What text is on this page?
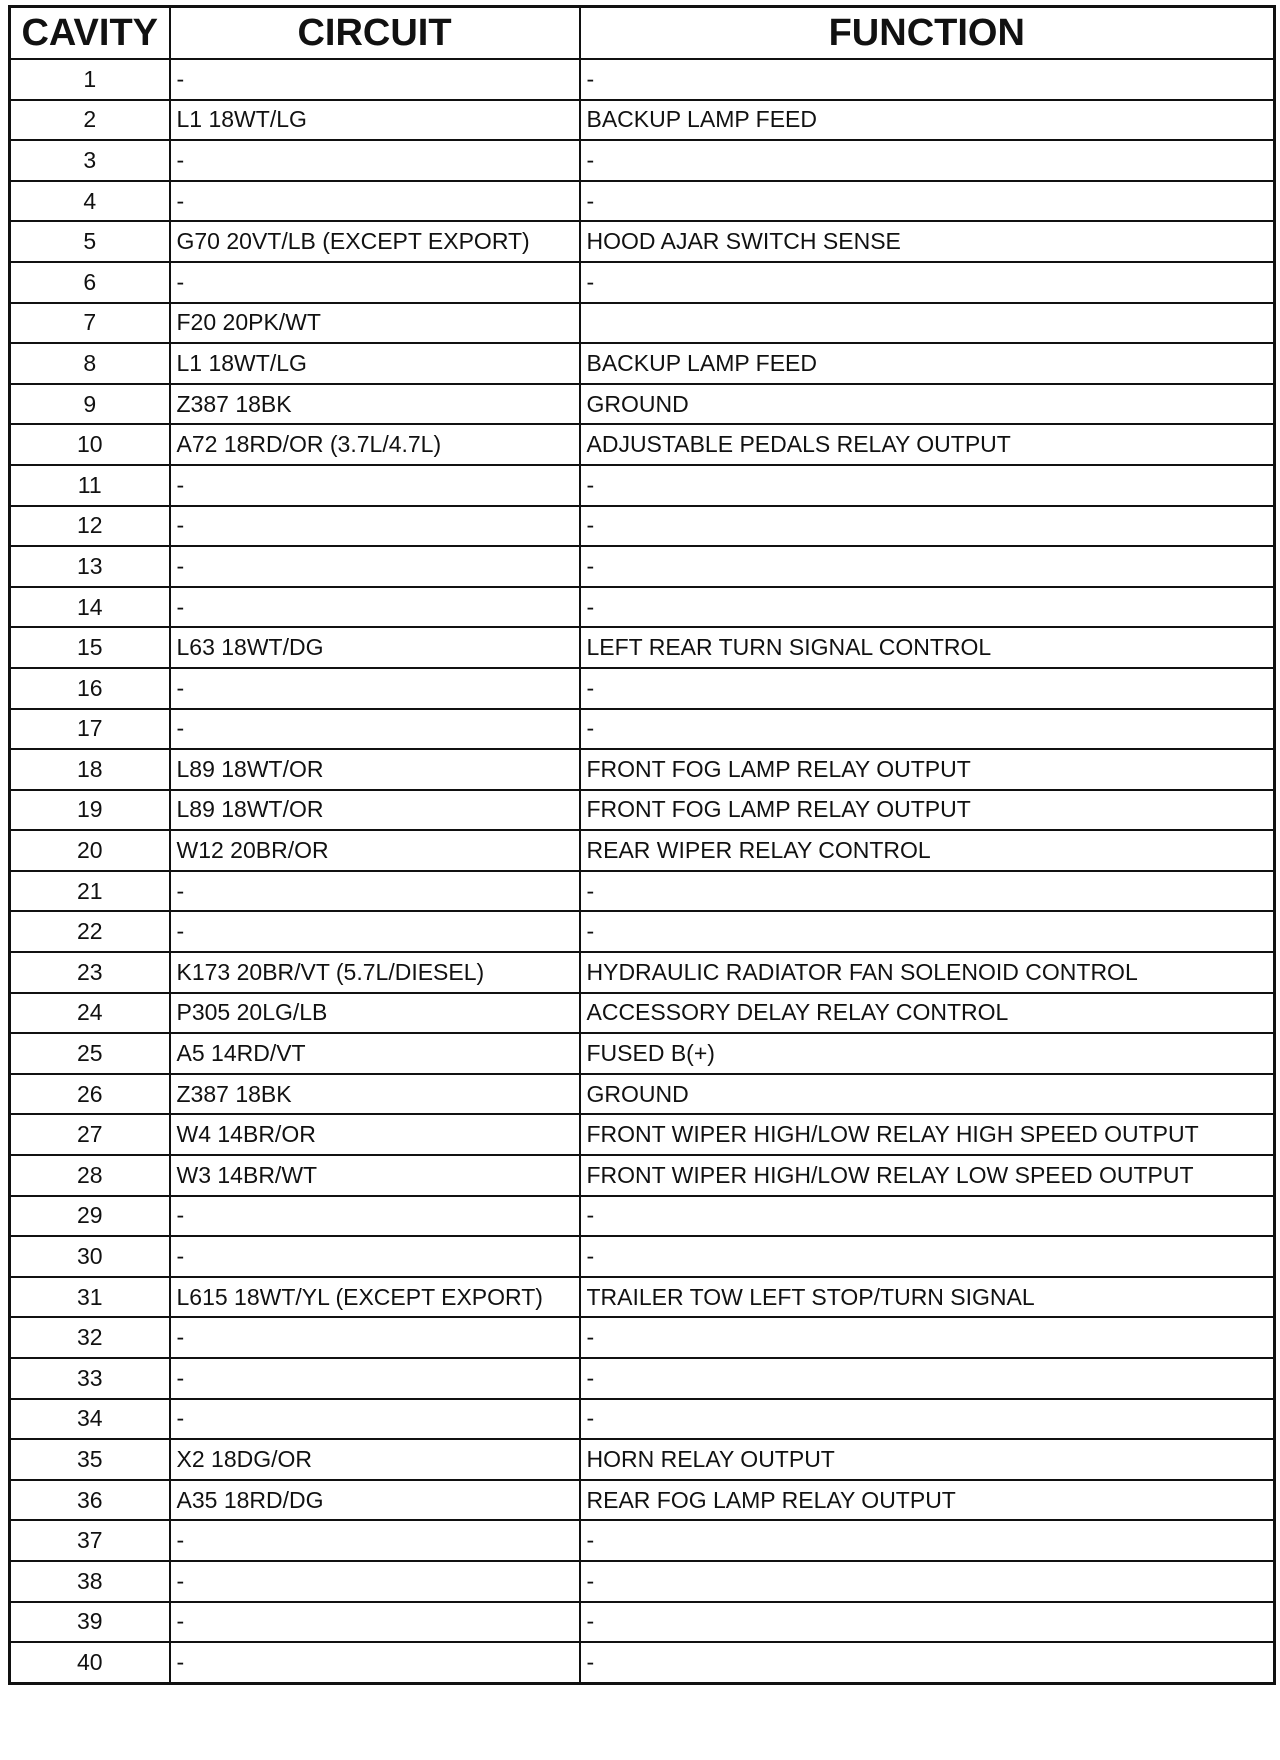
CAVITY	CIRCUIT	FUNCTION
1	-	-
2	L1 18WT/LG	BACKUP LAMP FEED
3	-	-
4	-	-
5	G70 20VT/LB (EXCEPT EXPORT)	HOOD AJAR SWITCH SENSE
6	-	-
7	F20 20PK/WT	
8	L1 18WT/LG	BACKUP LAMP FEED
9	Z387 18BK	GROUND
10	A72 18RD/OR (3.7L/4.7L)	ADJUSTABLE PEDALS RELAY OUTPUT
11	-	-
12	-	-
13	-	-
14	-	-
15	L63 18WT/DG	LEFT REAR TURN SIGNAL CONTROL
16	-	-
17	-	-
18	L89 18WT/OR	FRONT FOG LAMP RELAY OUTPUT
19	L89 18WT/OR	FRONT FOG LAMP RELAY OUTPUT
20	W12 20BR/OR	REAR WIPER RELAY CONTROL
21	-	-
22	-	-
23	K173 20BR/VT (5.7L/DIESEL)	HYDRAULIC RADIATOR FAN SOLENOID CONTROL
24	P305 20LG/LB	ACCESSORY DELAY RELAY CONTROL
25	A5 14RD/VT	FUSED B(+)
26	Z387 18BK	GROUND
27	W4 14BR/OR	FRONT WIPER HIGH/LOW RELAY HIGH SPEED OUTPUT
28	W3 14BR/WT	FRONT WIPER HIGH/LOW RELAY LOW SPEED OUTPUT
29	-	-
30	-	-
31	L615 18WT/YL (EXCEPT EXPORT)	TRAILER TOW LEFT STOP/TURN SIGNAL
32	-	-
33	-	-
34	-	-
35	X2 18DG/OR	HORN RELAY OUTPUT
36	A35 18RD/DG	REAR FOG LAMP RELAY OUTPUT
37	-	-
38	-	-
39	-	-
40	-	-
